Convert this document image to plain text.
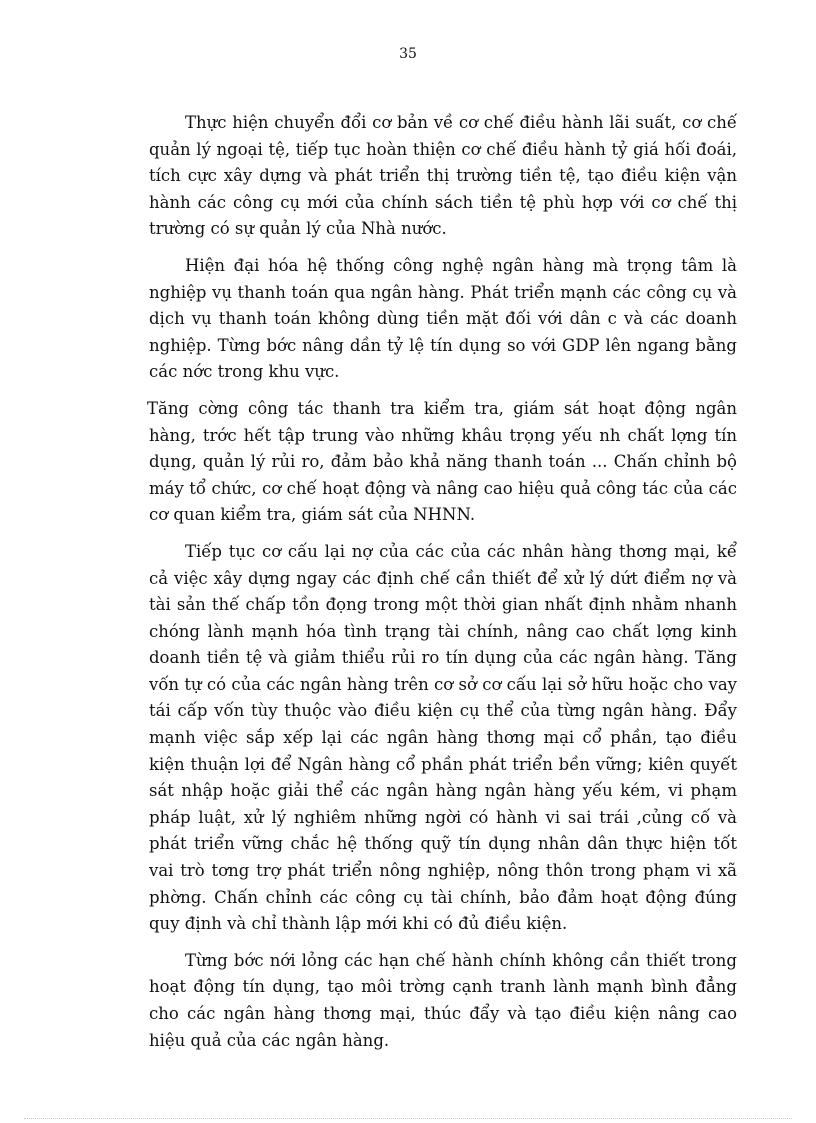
35

Thực hiện chuyển đổi cơ bản về cơ chế điều hành lãi suất, cơ chế quản lý ngoại tệ, tiếp tục hoàn thiện cơ chế điều hành tỷ giá hối đoái, tích cực xây dựng và phát triển thị trường tiền tệ, tạo điều kiện vận hành các công cụ mới của chính sách tiền tệ phù hợp với cơ chế thị trường có sự quản lý của Nhà nước.

Hiện đại hóa hệ thống công nghệ ngân hàng mà trọng tâm là nghiệp vụ thanh toán qua ngân hàng. Phát triển mạnh các công cụ và dịch vụ thanh toán không dùng tiền mặt đối với dân c và các doanh nghiệp. Từng bớc nâng dần tỷ lệ tín dụng so với GDP lên ngang bằng các nớc trong khu vực.

Tăng cờng công tác thanh tra kiểm tra, giám sát hoạt động ngân hàng, trớc hết tập trung vào những khâu trọng yếu nh chất lợng tín dụng, quản lý rủi ro, đảm bảo khả năng thanh toán ... Chấn chỉnh bộ máy tổ chức, cơ chế hoạt động và nâng cao hiệu quả công tác của các cơ quan kiểm tra, giám sát của NHNN.

Tiếp tục cơ cấu lại nợ của các của các nhân hàng thơng mại, kể cả việc xây dựng ngay các định chế cần thiết để xử lý dứt điểm nợ và tài sản thế chấp tồn đọng trong một thời gian nhất định nhằm nhanh chóng lành mạnh hóa tình trạng tài chính, nâng cao chất lợng kinh doanh tiền tệ và giảm thiểu rủi ro tín dụng của các ngân hàng. Tăng vốn tự có của các ngân hàng trên cơ sở cơ cấu lại sở hữu hoặc cho vay tái cấp vốn tùy thuộc vào điều kiện cụ thể của từng ngân hàng. Đẩy mạnh việc sắp xếp lại các ngân hàng thơng mại cổ phần, tạo điều kiện thuận lợi để Ngân hàng cổ phần phát triển bền vững; kiên quyết sát nhập hoặc giải thể các ngân hàng ngân hàng yếu kém, vi phạm pháp luật, xử lý nghiêm những ngời có hành vi sai trái ,củng cố và phát triển vững chắc hệ thống quỹ tín dụng nhân dân thực hiện tốt vai trò tơng trợ phát triển nông nghiệp, nông thôn trong phạm vi xã phờng. Chấn chỉnh các công cụ tài chính, bảo đảm hoạt động đúng quy định và chỉ thành lập mới khi có đủ điều kiện.

Từng bớc nới lỏng các hạn chế hành chính không cần thiết trong hoạt động tín dụng, tạo môi trờng cạnh tranh lành mạnh bình đẳng cho các ngân hàng thơng mại, thúc đẩy và tạo điều kiện nâng cao hiệu quả của các ngân hàng.
